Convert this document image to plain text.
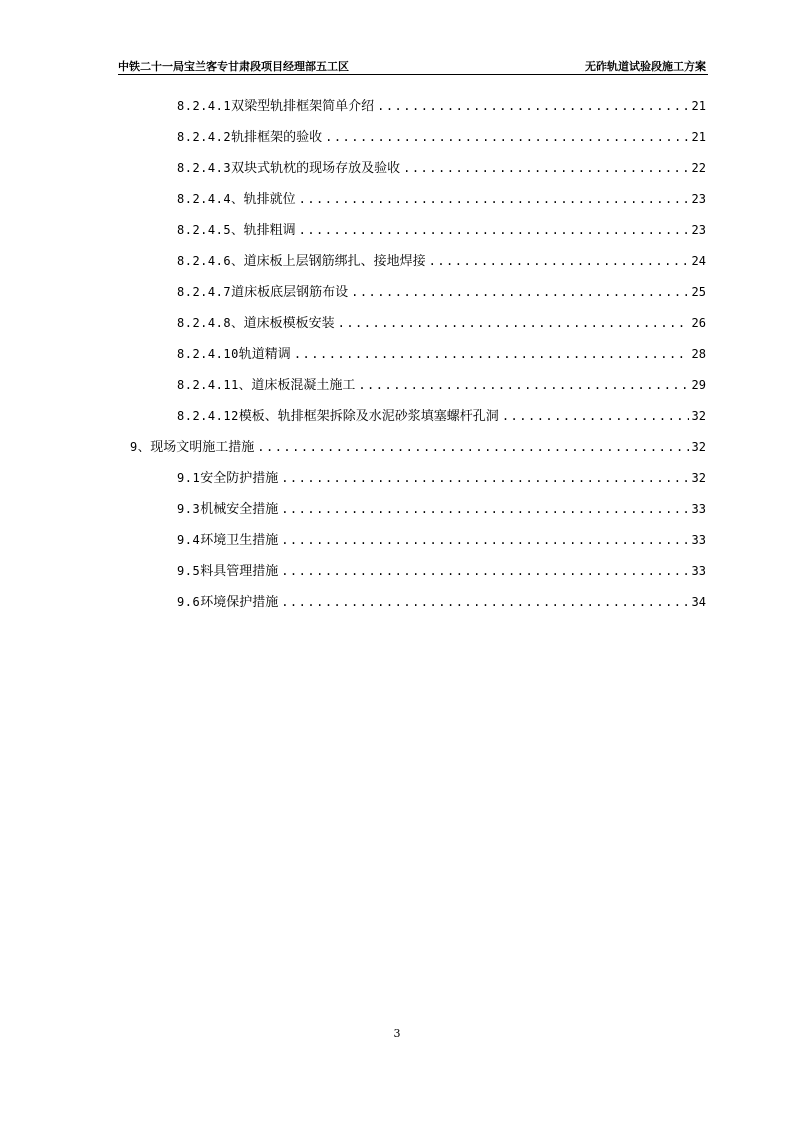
中铁二十一局宝兰客专甘肃段项目经理部五工区	无砟轨道试验段施工方案
8.2.4.1 双梁型轨排框架简单介绍 .....	21
8.2.4.2 轨排框架的验收 .....	21
8.2.4.3 双块式轨枕的现场存放及验收 .....	22
8.2.4.4、 轨排就位 .....	23
8.2.4.5、 轨排粗调 .....	23
8.2.4.6、 道床板上层钢筋绑扎、接地焊接 .....	24
8.2.4.7 道床板底层钢筋布设 .....	25
8.2.4.8、 道床板模板安装 .....	26
8.2.4.10 轨道精调 .....	28
8.2.4.11、 道床板混凝土施工 .....	29
8.2.4.12 模板、轨排框架拆除及水泥砂浆填塞螺杆孔洞 .....	32
9、 现场文明施工措施 .....	32
9.1 安全防护措施 .....	32
9.3 机械安全措施 .....	33
9.4 环境卫生措施 .....	33
9.5 料具管理措施 .....	33
9.6 环境保护措施 .....	34
3
